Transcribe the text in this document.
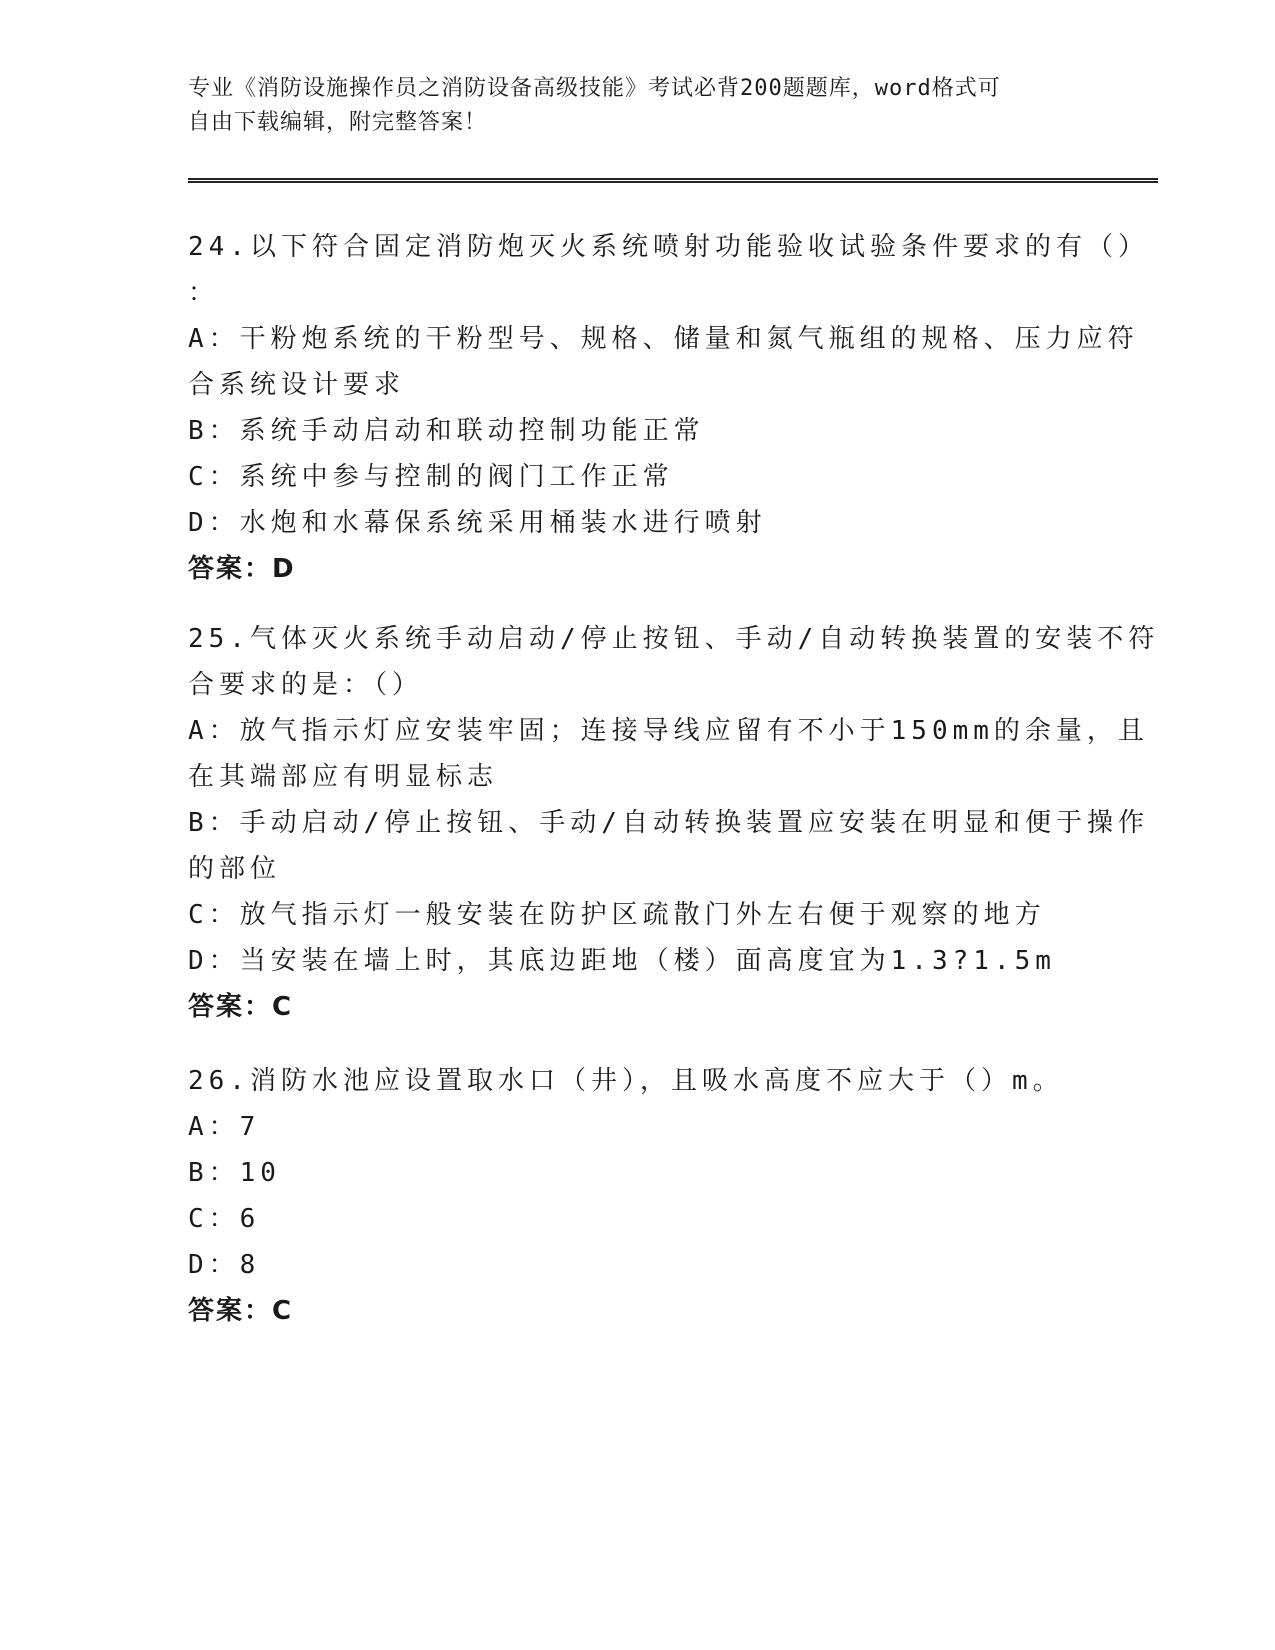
专业《消防设施操作员之消防设备高级技能》考试必背200题题库，word格式可
自由下载编辑，附完整答案！
24.以下符合固定消防炮灭火系统喷射功能验收试验条件要求的有（）
：
A：干粉炮系统的干粉型号、规格、储量和氮气瓶组的规格、压力应符
合系统设计要求
B：系统手动启动和联动控制功能正常
C：系统中参与控制的阀门工作正常
D：水炮和水幕保系统采用桶装水进行喷射
答案：D
25.气体灭火系统手动启动/停止按钮、手动/自动转换装置的安装不符
合要求的是：（）
A：放气指示灯应安装牢固；连接导线应留有不小于150mm的余量，且
在其端部应有明显标志
B：手动启动/停止按钮、手动/自动转换装置应安装在明显和便于操作
的部位
C：放气指示灯一般安装在防护区疏散门外左右便于观察的地方
D：当安装在墙上时，其底边距地（楼）面高度宜为1.3?1.5m
答案：C
26.消防水池应设置取水口（井），且吸水高度不应大于（）m。
A：7
B：10
C：6
D：8
答案：C
